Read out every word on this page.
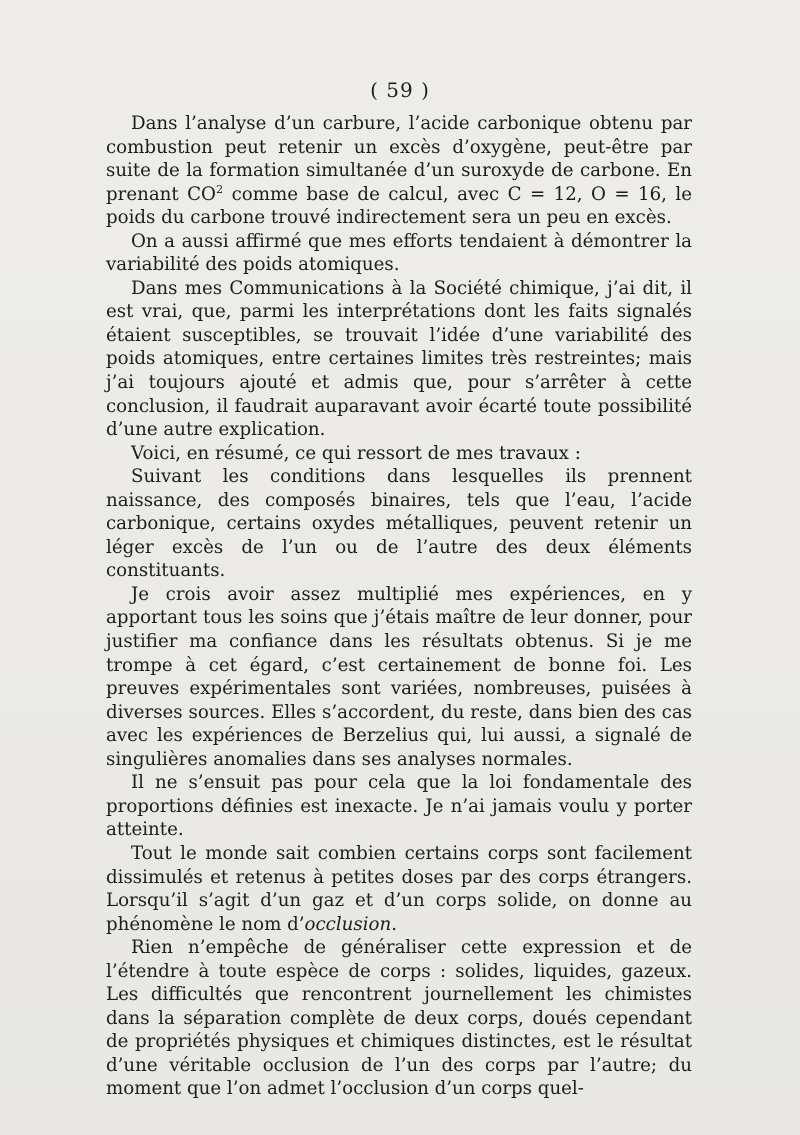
( 59 )

Dans l’analyse d’un carbure, l’acide carbonique obtenu par combustion peut retenir un excès d’oxygène, peut-être par suite de la formation simultanée d’un suroxyde de carbone. En prenant $CO^2$ comme base de calcul, avec C = 12, O = 16, le poids du carbone trouvé indirectement sera un peu en excès.

On a aussi affirmé que mes efforts tendaient à démontrer la variabilité des poids atomiques.

Dans mes Communications à la Société chimique, j’ai dit, il est vrai, que, parmi les interprétations dont les faits signalés étaient susceptibles, se trouvait l’idée d’une variabilité des poids atomiques, entre certaines limites très restreintes; mais j’ai toujours ajouté et admis que, pour s’arrêter à cette conclusion, il faudrait auparavant avoir écarté toute possibilité d’une autre explication.

Voici, en résumé, ce qui ressort de mes travaux :

Suivant les conditions dans lesquelles ils prennent naissance, des composés binaires, tels que l’eau, l’acide carbonique, certains oxydes métalliques, peuvent retenir un léger excès de l’un ou de l’autre des deux éléments constituants.

Je crois avoir assez multiplié mes expériences, en y apportant tous les soins que j’étais maître de leur donner, pour justifier ma confiance dans les résultats obtenus. Si je me trompe à cet égard, c’est certainement de bonne foi. Les preuves expérimentales sont variées, nombreuses, puisées à diverses sources. Elles s’accordent, du reste, dans bien des cas avec les expériences de Berzelius qui, lui aussi, a signalé de singulières anomalies dans ses analyses normales.

Il ne s’ensuit pas pour cela que la loi fondamentale des proportions définies est inexacte. Je n’ai jamais voulu y porter atteinte.

Tout le monde sait combien certains corps sont facilement dissimulés et retenus à petites doses par des corps étrangers. Lorsqu’il s’agit d’un gaz et d’un corps solide, on donne au phénomène le nom d’occlusion.

Rien n’empêche de généraliser cette expression et de l’étendre à toute espèce de corps : solides, liquides, gazeux. Les difficultés que rencontrent journellement les chimistes dans la séparation complète de deux corps, doués cependant de propriétés physiques et chimiques distinctes, est le résultat d’une véritable occlusion de l’un des corps par l’autre; du moment que l’on admet l’occlusion d’un corps quel-
